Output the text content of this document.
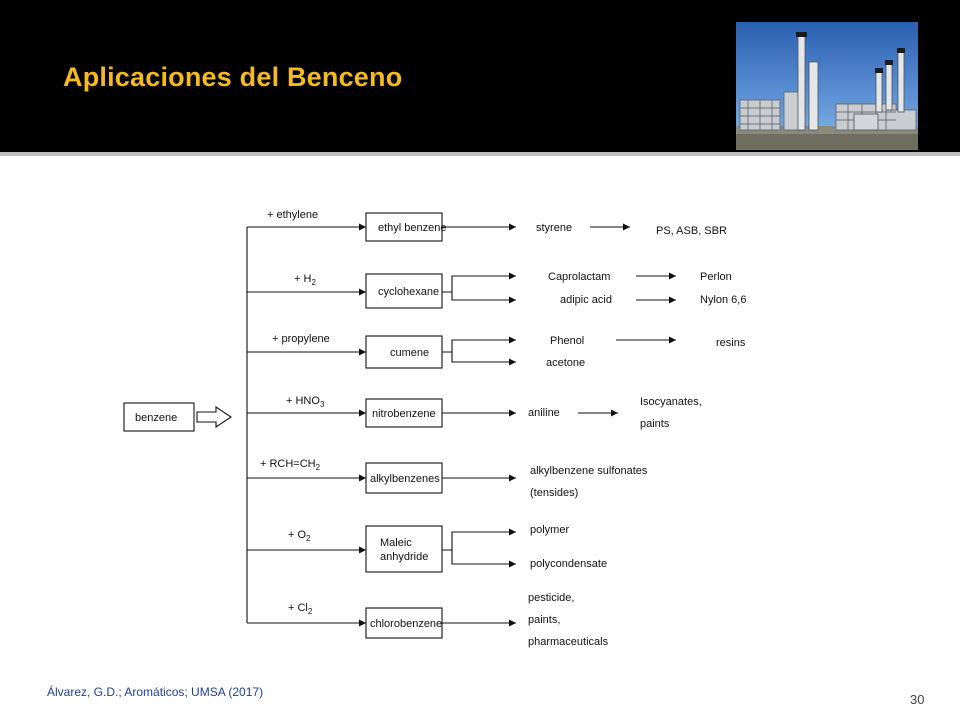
Aplicaciones del Benceno
benzene
+ ethylene
+ $H_2$
+ propylene
+ $HNO_3$
+ $RCH=CH_2$
+ $O_2$
+ $Cl_2$
ethyl benzene
cyclohexane
cumene
nitrobenzene
alkylbenzenes
Maleic
anhydride
chlorobenzene
styrene	PS, ASB, SBR
Caprolactam
adipic acid
Perlon
Nylon 6,6
Phenol
acetone
resins
aniline
Isocyanates,
paints
alkylbenzene sulfonates
(tensides)
polymer
polycondensate
pesticide,
paints,
pharmaceuticals
Álvarez, G.D.; Aromáticos; UMSA (2017)	30
